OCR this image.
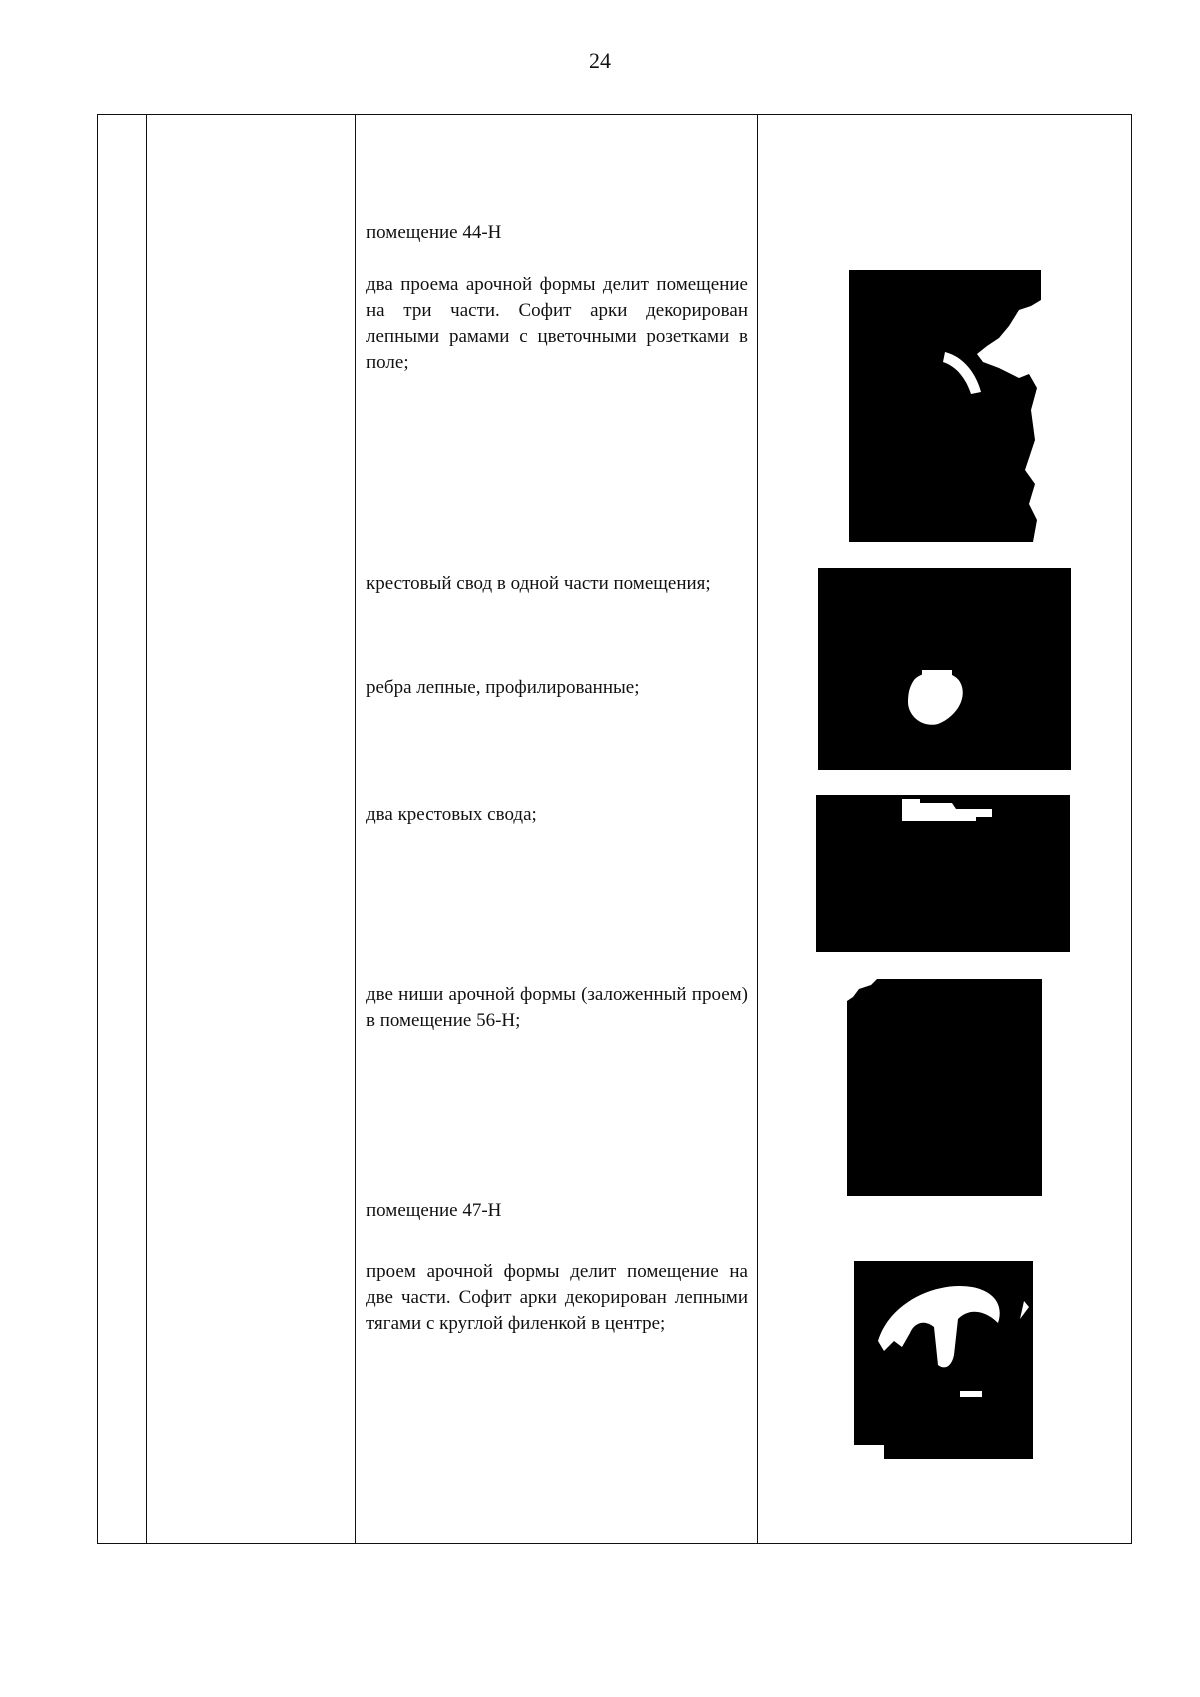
24
помещение 44-Н
два проема арочной формы делит помещение на три части. Софит арки декорирован лепными рамами с цветочными розетками в поле;
крестовый свод в одной части помещения;
ребра лепные, профилированные;
два крестовых свода;
две ниши арочной формы (заложенный проем) в помещение 56-Н;
помещение 47-Н
проем арочной формы делит помещение на две части. Софит арки декорирован лепными тягами с круглой филенкой в центре;
